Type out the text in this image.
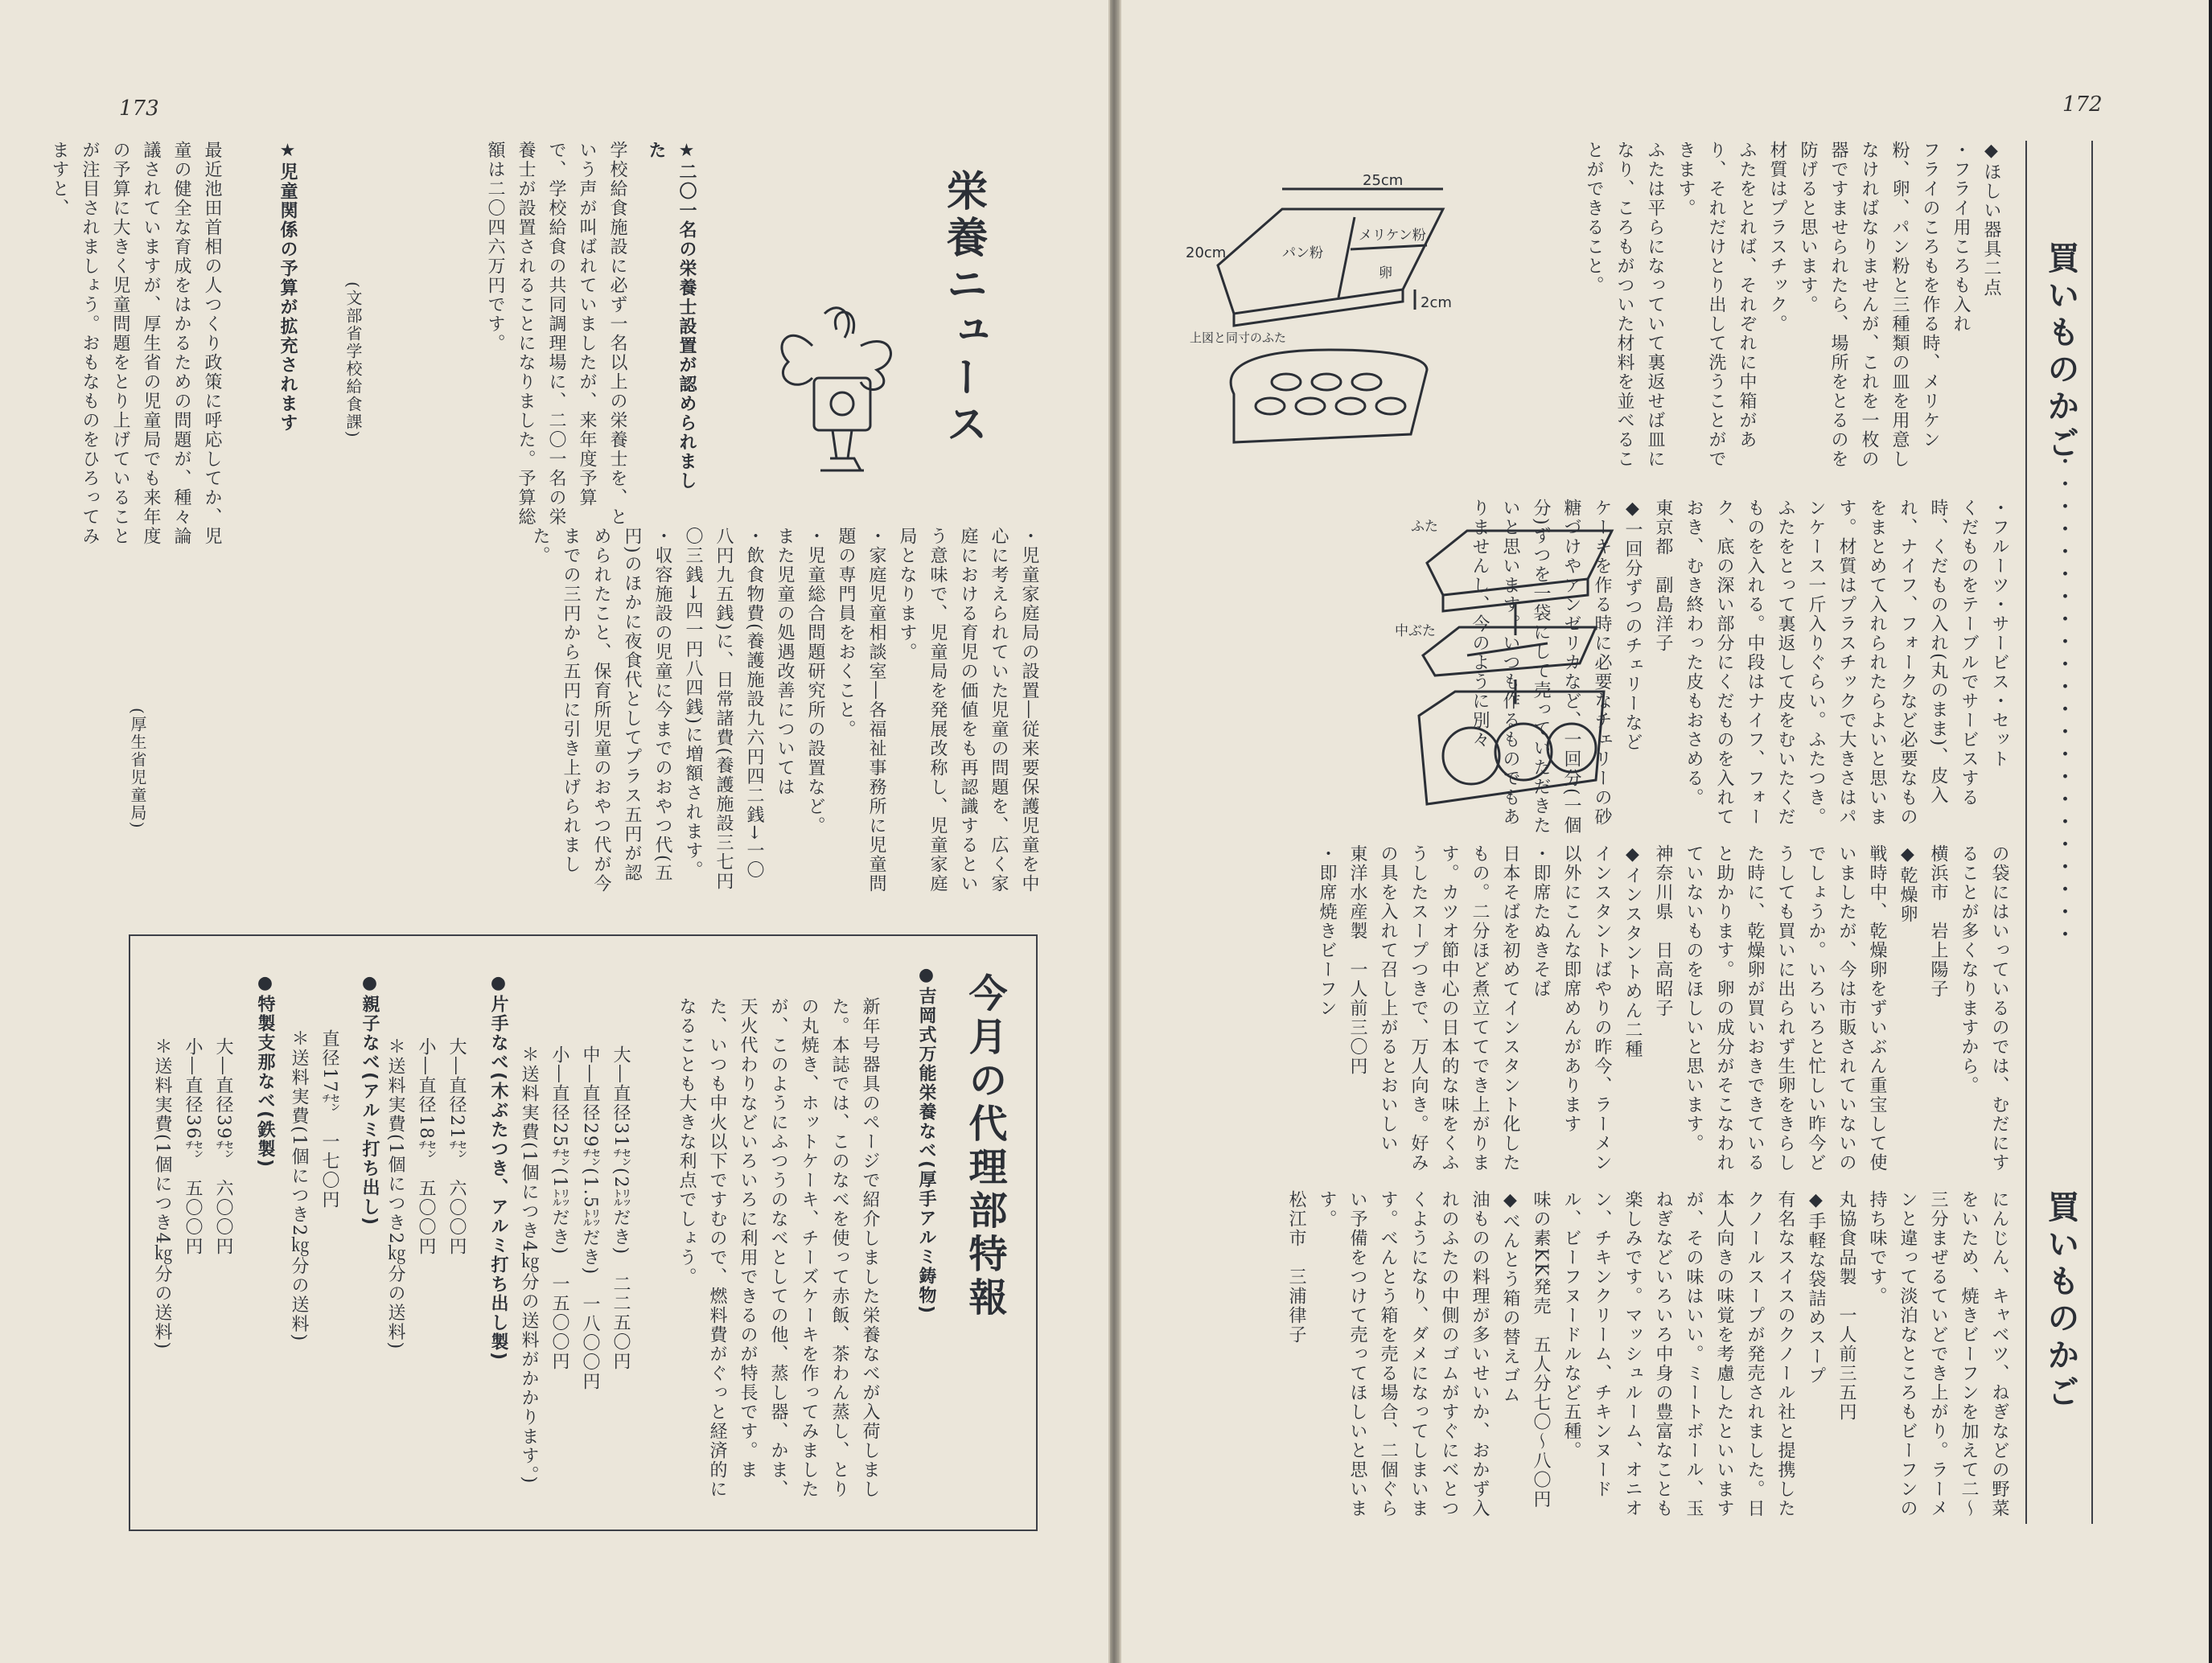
173
栄養ニュース
★二〇一名の栄養士設置が認められました
学校給食施設に必ず一名以上の栄養士を、という声が叫ばれていましたが、来年度予算で、学校給食の共同調理場に、二〇一名の栄養士が設置されることになりました。予算総額は二〇四六万円です。
(文部省学校給食課)
★児童関係の予算が拡充されます
最近池田首相の人つくり政策に呼応してか、児童の健全な育成をはかるための問題が、種々論議されていますが、厚生省の児童局でも来年度の予算に大きく児童問題をとり上げていることが注目されましょう。おもなものをひろってみますと、
・児童家庭局の設置―従来要保護児童を中心に考えられていた児童の問題を、広く家庭における育児の価値をも再認識するという意味で、児童局を発展改称し、児童家庭局となります。
・家庭児童相談室―各福祉事務所に児童問題の専門員をおくこと。
・児童総合問題研究所の設置など。
また児童の処遇改善については
・飲食物費(養護施設九六円四二銭→一〇八円九五銭)に、日常諸費(養護施設三七円〇三銭→四一円八四銭)に増額されます。
・収容施設の児童に今までのおやつ代(五円)のほかに夜食代としてプラス五円が認められたこと、保育所児童のおやつ代が今までの三円から五円に引き上げられました。
(厚生省児童局)
今月の代理部特報
●吉岡式万能栄養なべ(厚手アルミ鋳物)
新年号器具のページで紹介しました栄養なべが入荷しました。本誌では、このなべを使って赤飯、茶わん蒸し、とりの丸焼き、ホットケーキ、チーズケーキを作ってみましたが、このようにふつうのなべとしての他、蒸し器、かま、天火代わりなどいろいろに利用できるのが特長です。また、いつも中火以下ですむので、燃料費がぐっと経済的になることも大きな利点でしょう。
大―直径31㌢(2㍑だき)　二二五〇円
中―直径29㌢(1.5㍑だき)　一八〇〇円
小―直径25㌢(1㍑だき)　一五〇〇円
＊送料実費(1個につき4㎏分の送料がかかります。)
●片手なべ(木ぶたつき、アルミ打ち出し製)
大―直径21㌢　六〇〇円
小―直径18㌢　五〇〇円
＊送料実費(1個につき2㎏分の送料)
●親子なべ(アルミ打ち出し)
直径17㌢　一七〇円
＊送料実費(1個につき2㎏分の送料)
●特製支那なべ(鉄製)
大―直径39㌢　六〇〇円
小―直径36㌢　五〇〇円
＊送料実費(1個につき4㎏分の送料)
172
買いものかご
・・・・・・・・・・・・・・・・・・・・・・
買いものかご
25cm
20cm
2cm
パン粉
メリケン粉
卵
上図と同寸のふた
ふた
中ぶた
◆ほしい器具二点
・フライ用ころも入れ
フライのころもを作る時、メリケン粉、卵、パン粉と三種類の皿を用意しなければなりませんが、これを一枚の器ですませられたら、場所をとるのを防げると思います。
材質はプラスチック。
ふたをとれば、それぞれに中箱があり、それだけとり出して洗うことができます。
ふたは平らになっていて裏返せば皿になり、ころもがついた材料を並べることができること。
・フルーツ・サービス・セット
くだものをテーブルでサービスする時、くだもの入れ(丸のまま)、皮入れ、ナイフ、フォークなど必要なものをまとめて入れられたらよいと思います。材質はプラスチックで大きさはパンケース一斤入りぐらい。ふたつき。
ふたをとって裏返して皮をむいたくだものを入れる。中段はナイフ、フォーク、底の深い部分にくだものを入れておき、むき終わった皮もおさめる。
東京都　副島洋子
◆一回分ずつのチェリーなど
ケーキを作る時に必要なチェリーの砂糖づけやアンゼリカなど、一回分(一個分)ずつを一袋にして売っていただきたいと思います。いつも作るものでもありませんし、今のように別々
の袋にはいっているのでは、むだにすることが多くなりますから。
横浜市　岩上陽子
◆乾燥卵
戦時中、乾燥卵をずいぶん重宝して使いましたが、今は市販されていないのでしょうか。いろいろと忙しい昨今どうしても買いに出られず生卵をきらした時に、乾燥卵が買いおきできていると助かります。卵の成分がそこなわれていないものをほしいと思います。
神奈川県　日高昭子
◆インスタントめん二種
インスタントばやりの昨今、ラーメン以外にこんな即席めんがあります
・即席たぬきそば
日本そばを初めてインスタント化したもの。二分ほど煮立ててでき上がります。カツオ節中心の日本的な味をくふうしたスープつきで、万人向き。好みの具を入れて召し上がるとおいしい
東洋水産製　一人前三〇円
・即席焼きビーフン
にんじん、キャベツ、ねぎなどの野菜をいため、焼きビーフンを加えて二〜三分まぜるていどでき上がり。ラーメンと違って淡泊なところもビーフンの持ち味です。
丸協食品製　一人前三五円
◆手軽な袋詰めスープ
有名なスイスのクノール社と提携したクノールスープが発売されました。日本人向きの味覚を考慮したといいますが、その味はいい。ミートボール、玉ねぎなどいろいろ中身の豊富なことも楽しみです。マッシュルーム、オニオン、チキンクリーム、チキンヌードル、ビーフヌードルなど五種。
味の素KK発売　五人分七〇〜八〇円
◆べんとう箱の替えゴム
油ものの料理が多いせいか、おかず入れのふたの中側のゴムがすぐにベとつくようになり、ダメになってしまいます。べんとう箱を売る場合、二個ぐらい予備をつけて売ってほしいと思います。
松江市　三浦律子
